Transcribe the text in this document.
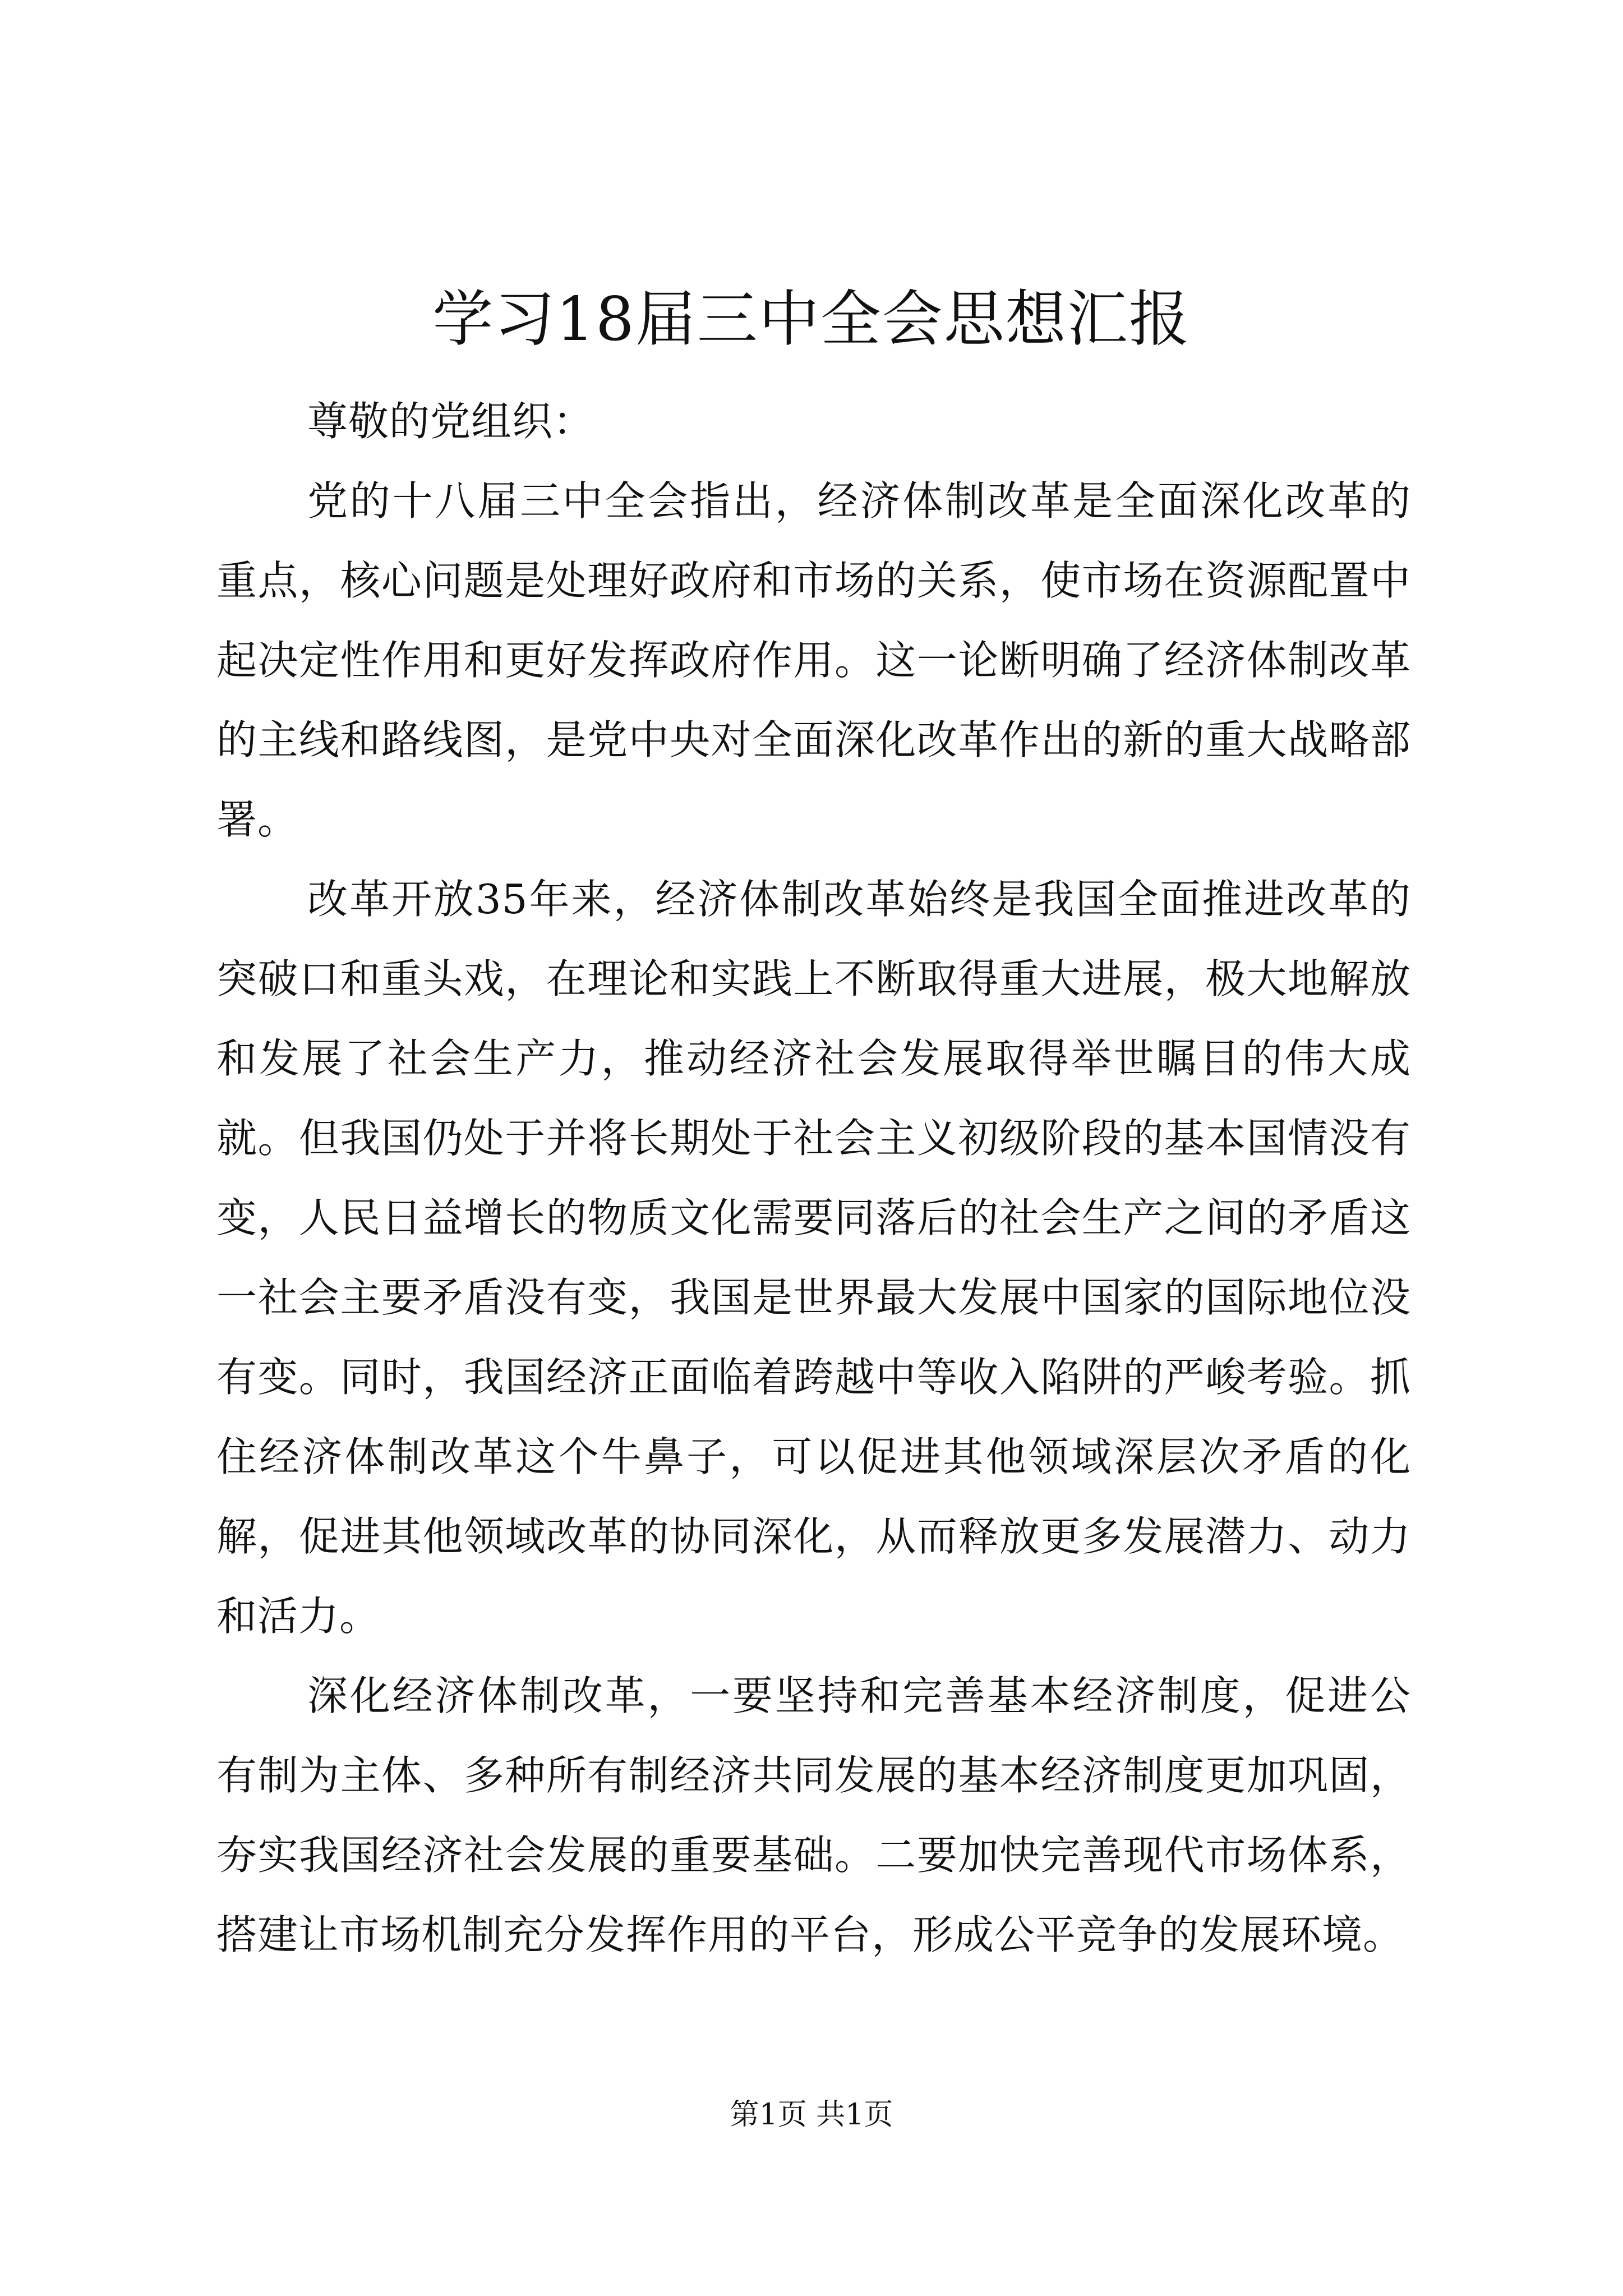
学习18届三中全会思想汇报

尊敬的党组织：

党的十八届三中全会指出，经济体制改革是全面深化改革的重点，核心问题是处理好政府和市场的关系，使市场在资源配置中起决定性作用和更好发挥政府作用。这一论断明确了经济体制改革的主线和路线图，是党中央对全面深化改革作出的新的重大战略部署。

改革开放35年来，经济体制改革始终是我国全面推进改革的突破口和重头戏，在理论和实践上不断取得重大进展，极大地解放和发展了社会生产力，推动经济社会发展取得举世瞩目的伟大成就。但我国仍处于并将长期处于社会主义初级阶段的基本国情没有变，人民日益增长的物质文化需要同落后的社会生产之间的矛盾这一社会主要矛盾没有变，我国是世界最大发展中国家的国际地位没有变。同时，我国经济正面临着跨越中等收入陷阱的严峻考验。抓住经济体制改革这个牛鼻子，可以促进其他领域深层次矛盾的化解，促进其他领域改革的协同深化，从而释放更多发展潜力、动力和活力。

深化经济体制改革，一要坚持和完善基本经济制度，促进公有制为主体、多种所有制经济共同发展的基本经济制度更加巩固，夯实我国经济社会发展的重要基础。二要加快完善现代市场体系，搭建让市场机制充分发挥作用的平台，形成公平竞争的发展环境。

第1页 共1页
